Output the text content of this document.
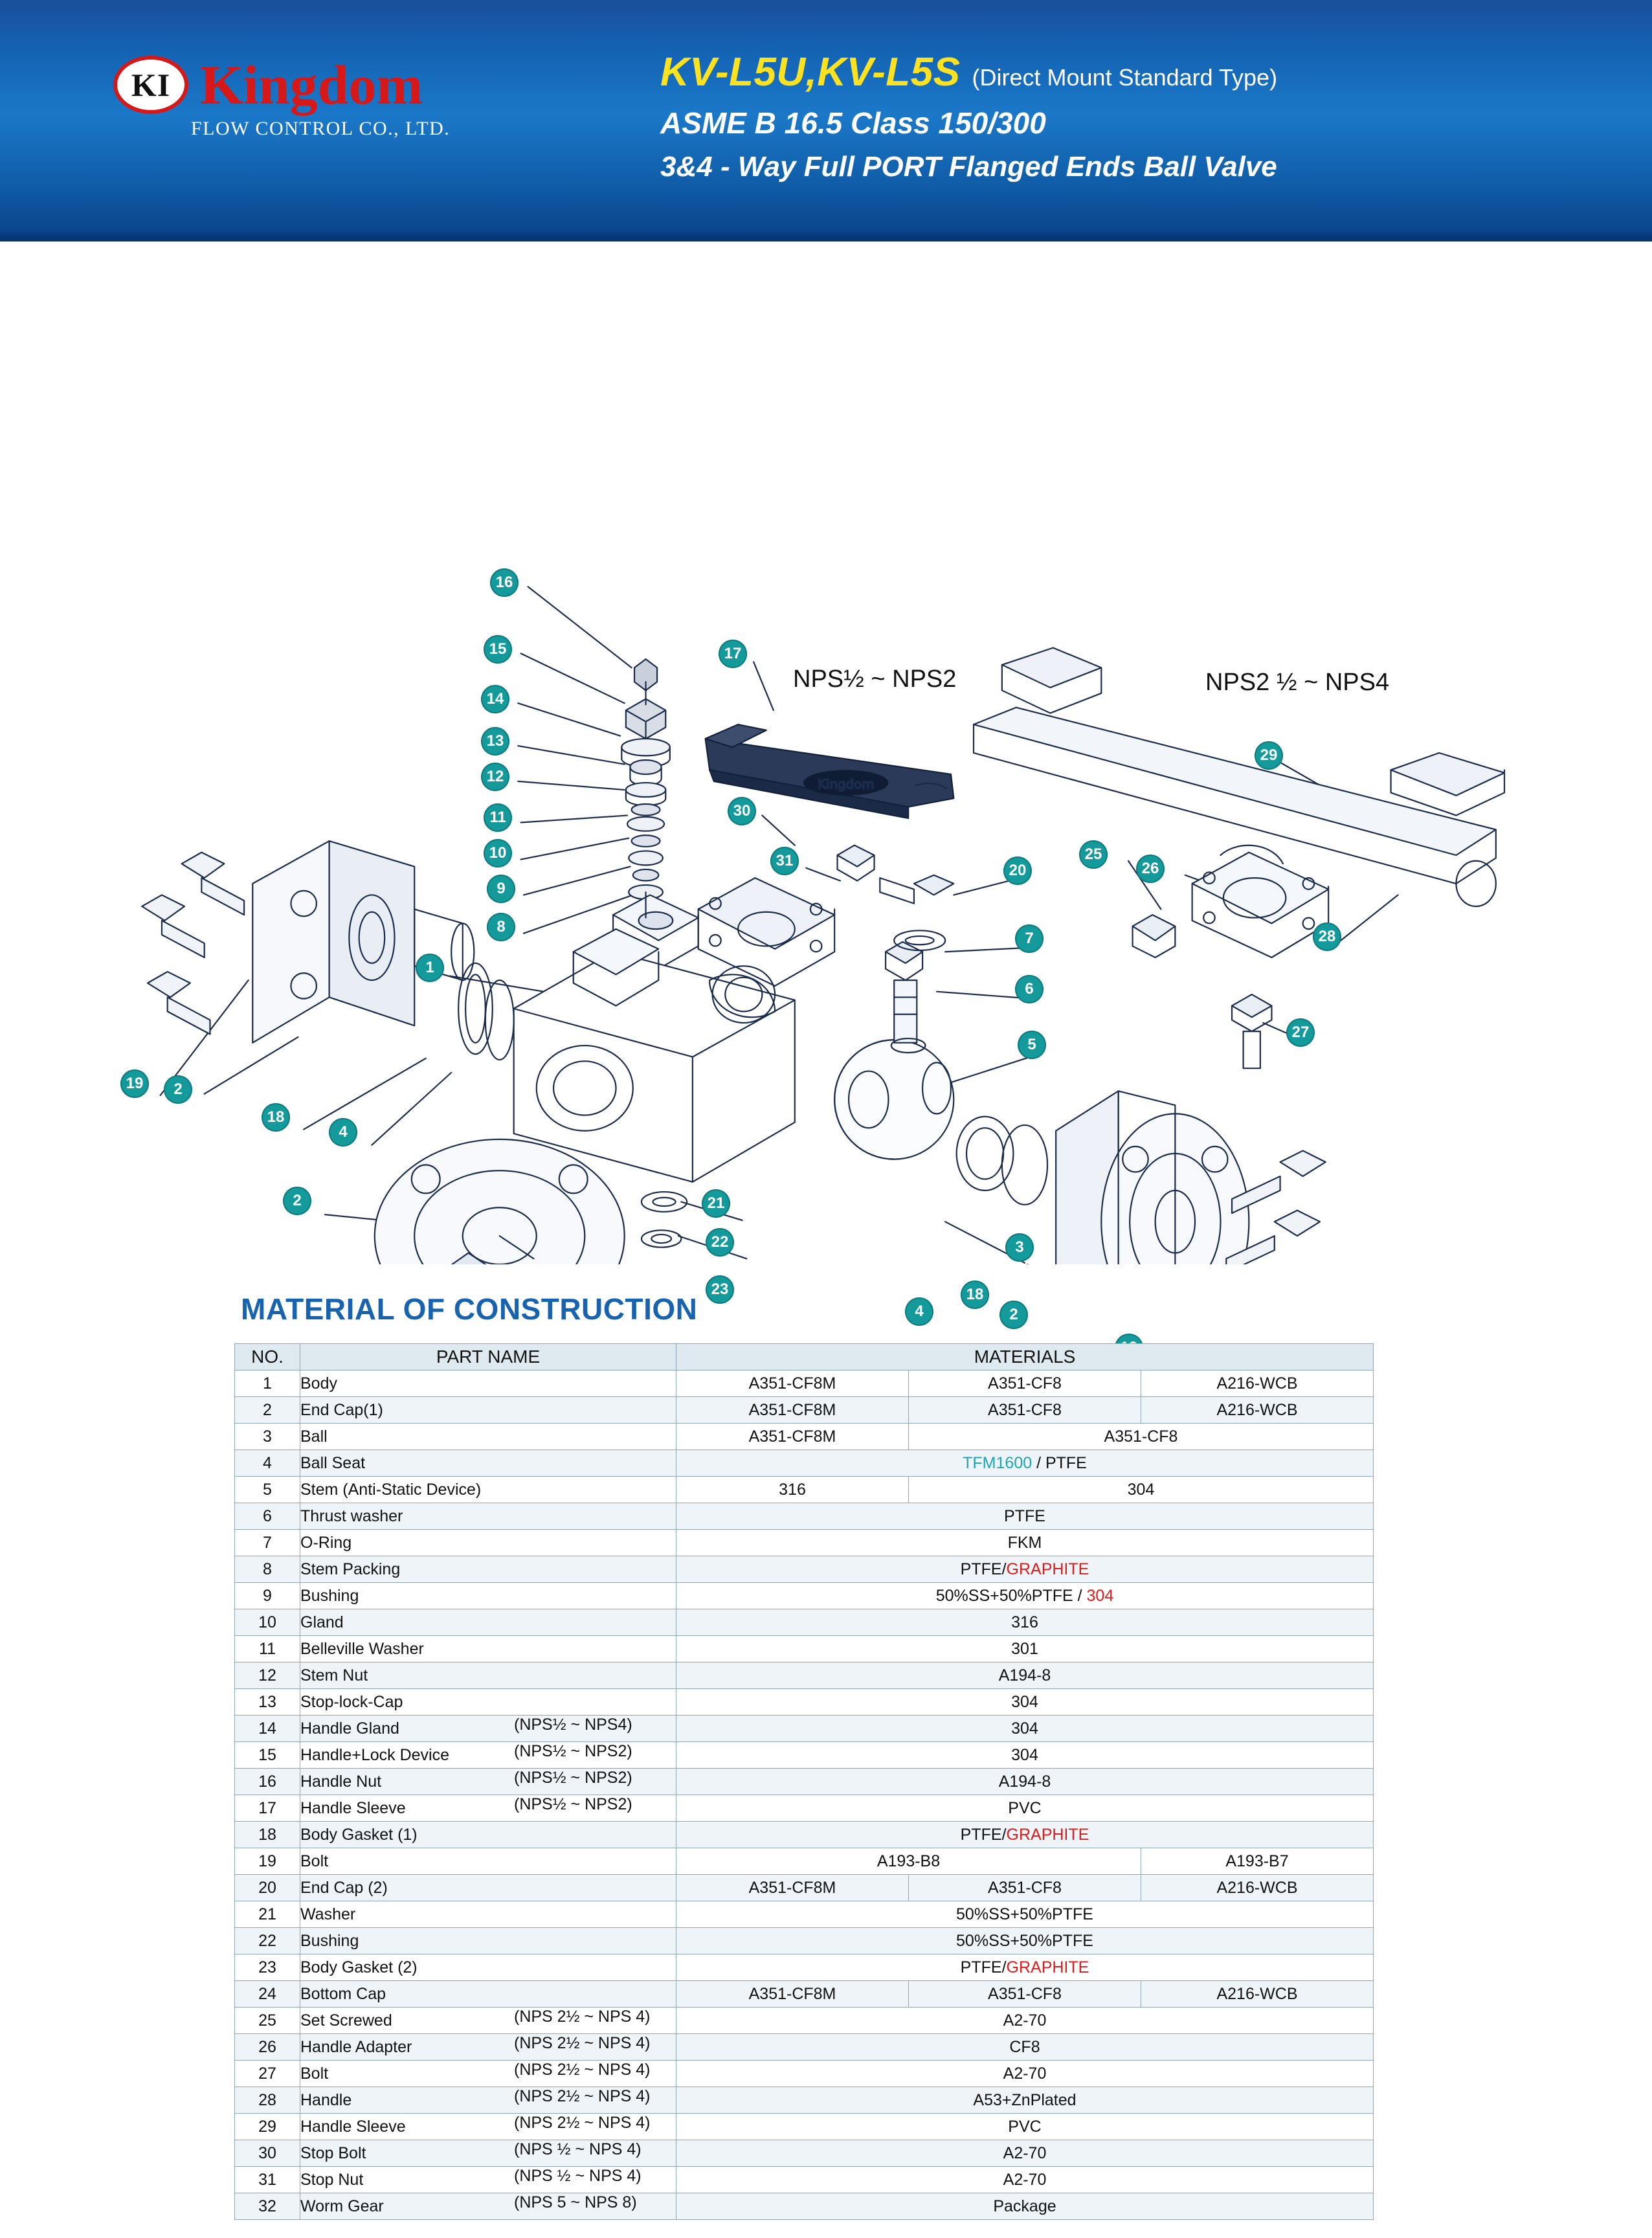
KI Kingdom
FLOW CONTROL CO., LTD.
KV-L5U,KV-L5S (Direct Mount Standard Type)
ASME B 16.5 Class 150/300
3&4 - Way Full PORT Flanged Ends Ball Valve
Kingdom
NPS½ ~ NPS2	NPS2 ½ ~ NPS4
16
15
14
13
12
11
10
9
8
1
17
30
31
20
7
6
5
25
26
29
28
27
19	2
18
4
2	21
22
23
3
4
18
2
MATERIAL OF CONSTRUCTION
NO.	PART NAME	MATERIALS		
1	Body	A351-CF8M	A351-CF8	A216-WCB
2	End Cap(1)	A351-CF8M	A351-CF8	A216-WCB
3	Ball	A351-CF8M	A351-CF8	
4	Ball Seat	TFM1600 / PTFE		
5	Stem (Anti-Static Device)	316	304	
6	Thrust washer	PTFE		
7	O-Ring	FKM		
8	Stem Packing	PTFE/GRAPHITE		
9	Bushing	50%SS+50%PTFE / 304		
10	Gland	316		
11	Belleville Washer	301		
12	Stem Nut	A194-8		
13	Stop-lock-Cap	304		
14	Handle Gland (NPS½ ~ NPS4)	304		
15	Handle+Lock Device (NPS½ ~ NPS2)	304		
16	Handle Nut (NPS½ ~ NPS2)	A194-8		
17	Handle Sleeve (NPS½ ~ NPS2)	PVC		
18	Body Gasket (1)	PTFE/GRAPHITE		
19	Bolt	A193-B8		A193-B7
20	End Cap (2)	A351-CF8M	A351-CF8	A216-WCB
21	Washer	50%SS+50%PTFE		
22	Bushing	50%SS+50%PTFE		
23	Body Gasket (2)	PTFE/GRAPHITE		
24	Bottom Cap	A351-CF8M	A351-CF8	A216-WCB
25	Set Screwed (NPS 2½ ~ NPS 4)	A2-70		
26	Handle Adapter (NPS 2½ ~ NPS 4)	CF8		
27	Bolt (NPS 2½ ~ NPS 4)	A2-70		
28	Handle (NPS 2½ ~ NPS 4)	A53+ZnPlated		
29	Handle Sleeve (NPS 2½ ~ NPS 4)	PVC		
30	Stop Bolt (NPS ½ ~ NPS 4)	A2-70		
31	Stop Nut (NPS ½ ~ NPS 4)	A2-70		
32	Worm Gear (NPS 5 ~ NPS 8)	Package		
